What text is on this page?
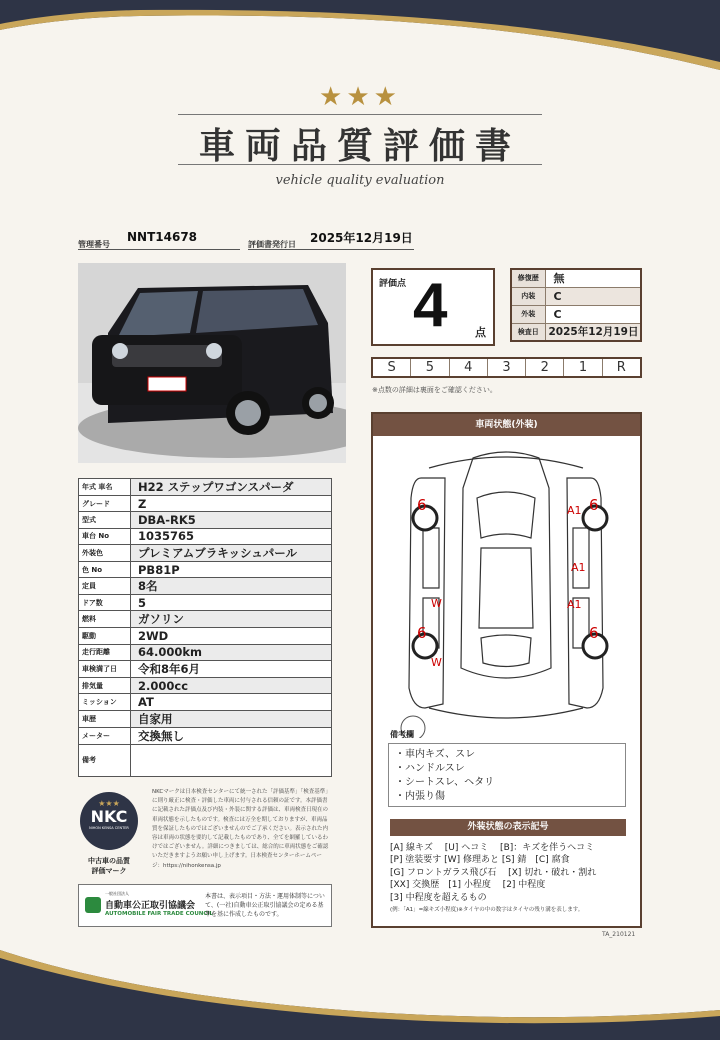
★★★
車両品質評価書
vehicle quality evaluation
管理番号
NNT14678
評価書発行日 2025年12月19日
評価点 4	点
修復歴	無
内装	C
外装	C
検査日	2025年12月19日
S	5	4	3	2	1	R
※点数の詳細は裏面をご確認ください。
車両状態(外装)
6	6
6	6
A1
A1
A1
W
W
備考欄
・車内キズ、スレ
・ハンドルスレ
・シートスレ、ヘタリ
・内張り傷
外装状態の表示記号
[A] 線キズ　 [U] ヘコミ　 [B]：キズを伴うヘコミ
[P] 塗装要す [W] 修理あと [S] 錆　[C] 腐食
[G] フロントガラス飛び石　 [X] 切れ・破れ・割れ
[XX] 交換歴　[1] 小程度　 [2] 中程度
[3] 中程度を超えるもの
(例：「A1」=線キズ小程度)※タイヤの中の数字はタイヤの残り溝を表します。
年式 車名	H22 ステップワゴンスパーダ
グレード	Z
型式	DBA-RK5
車台 No	1035765
外装色	プレミアムブラキッシュパール
色 No	PB81P
定員	8名
ドア数	5
燃料	ガソリン
駆動	2WD
走行距離	64.000km
車検満了日	令和8年6月
排気量	2.000cc
ミッション	AT
車歴	自家用
メーター	交換無し
備考	
★★★
NKC
NIHON KENSA CENTER
中古車の品質
評価マーク
NKCマークは日本検査センターにて統一された「評価基準」「検査基準」に則り厳正に検査・評価した車両に付与される信頼の証です。本評価書に記載された評価点及び内装・外装に関する評価は、車両検査日現在の車両状態を示したものです。検査には万全を期しておりますが、車両品質を保証したものではございませんのでご了承ください。表示された内容は車両の状態を要約して記載したものであり、全てを網羅しているわけではございません。詳細につきましては、総合的に車両状態をご確認いただきますようお願い申し上げます。日本検査センターホームページ：https://nihonkensa.jp
一般社団法人
自動車公正取引協議会
AUTOMOBILE FAIR TRADE COUNCIL
本書は、表示項目・方法・運用体制等について、(一社)自動車公正取引協議会の定める基準を基に作成したものです。
TA_210121
